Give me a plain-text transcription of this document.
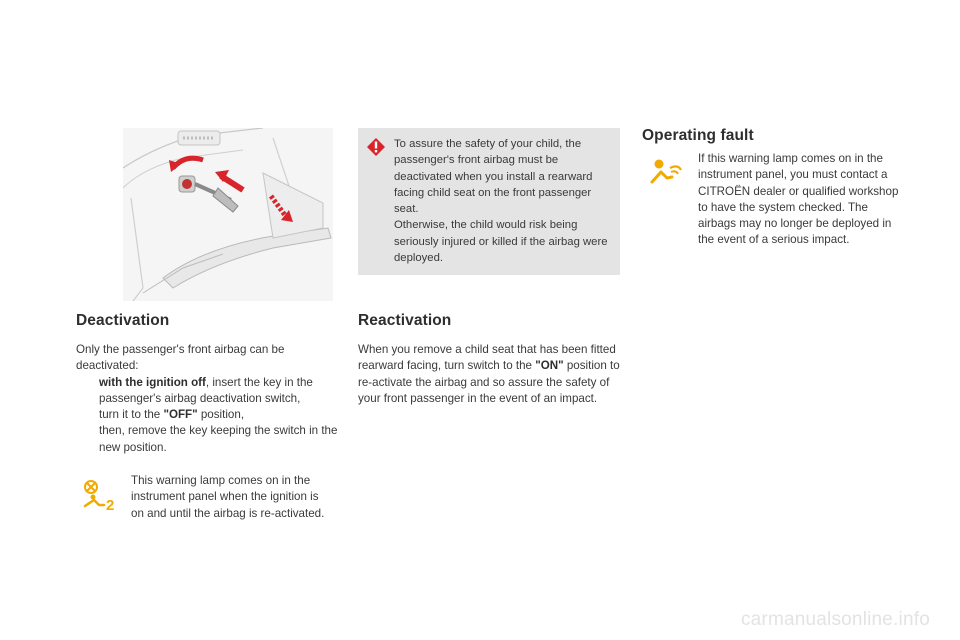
Deactivation
Only the passenger's front airbag can be deactivated:
with the ignition off, insert the key in the passenger's airbag deactivation switch,
turn it to the "OFF" position,
then, remove the key keeping the switch in the new position.
2
This warning lamp comes on in the instrument panel when the ignition is on and until the airbag is re-activated.
To assure the safety of your child, the passenger's front airbag must be deactivated when you install a rearward facing child seat on the front passenger seat.
Otherwise, the child would risk being seriously injured or killed if the airbag were deployed.
Reactivation
When you remove a child seat that has been fitted rearward facing, turn switch to the "ON" position to re-activate the airbag and so assure the safety of your front passenger in the event of an impact.
Operating fault
If this warning lamp comes on in the instrument panel, you must contact a CITROËN dealer or qualified workshop to have the system checked. The airbags may no longer be deployed in the event of a serious impact.
carmanualsonline.info
